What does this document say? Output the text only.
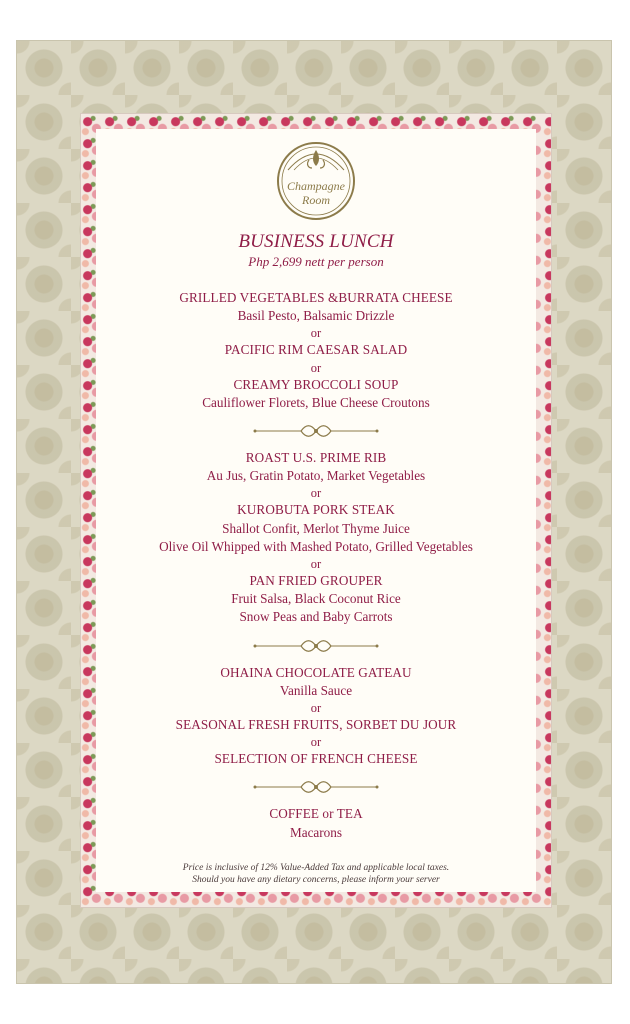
Champagne
Room
BUSINESS LUNCH
Php 2,699 nett per person
GRILLED VEGETABLES &BURRATA CHEESE
Basil Pesto, Balsamic Drizzle
or
PACIFIC RIM CAESAR SALAD
or
CREAMY BROCCOLI SOUP
Cauliflower Florets, Blue Cheese Croutons
ROAST U.S. PRIME RIB
Au Jus, Gratin Potato, Market Vegetables
or
KUROBUTA PORK STEAK
Shallot Confit, Merlot Thyme Juice
Olive Oil Whipped with Mashed Potato, Grilled Vegetables
or
PAN FRIED GROUPER
Fruit Salsa, Black Coconut Rice
Snow Peas and Baby Carrots
OHAINA CHOCOLATE GATEAU
Vanilla Sauce
or
SEASONAL FRESH FRUITS, SORBET DU JOUR
or
SELECTION OF FRENCH CHEESE
COFFEE or TEA
Macarons
Price is inclusive of 12% Value-Added Tax and applicable local taxes.
Should you have any dietary concerns, please inform your server
